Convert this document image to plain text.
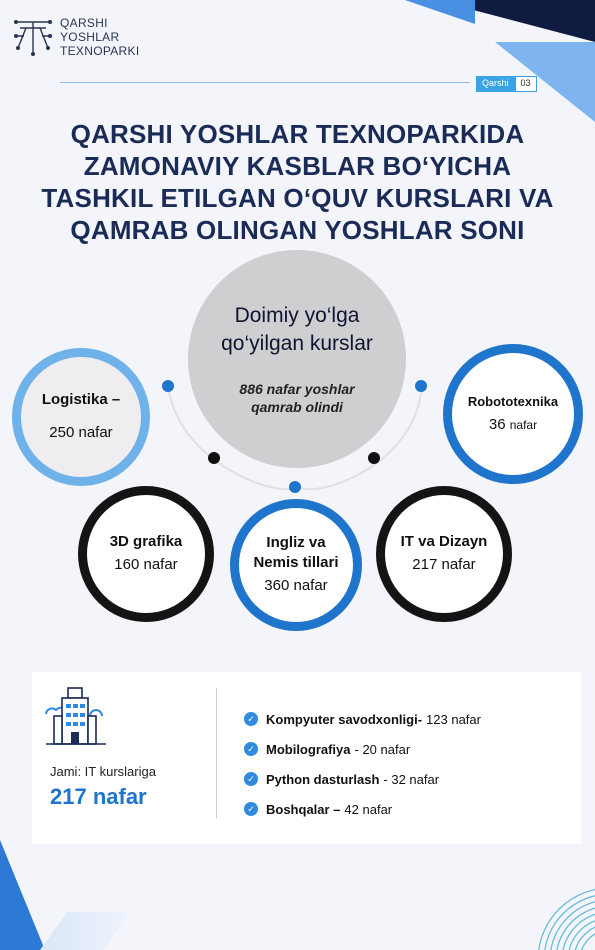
QARSHI
YOSHLAR
TEXNOPARKI
Qarshi	03
QARSHI YOSHLAR TEXNOPARKIDA
ZAMONAVIY KASBLAR BO‘YICHA
TASHKIL ETILGAN O‘QUV KURSLARI VA
QAMRAB OLINGAN YOSHLAR SONI
Doimiy yo‘lga
qo‘yilgan kurslar
886 nafar yoshlar
qamrab olindi
Logistika –
250 nafar
Robototexnika
36 nafar
3D grafika
160 nafar
Ingliz va
Nemis tillari
360 nafar
IT va Dizayn
217 nafar
Jami: IT kurslariga
217 nafar
✓ Kompyuter savodxonligi- 123 nafar
✓ Mobilografiya - 20 nafar
✓ Python dasturlash - 32 nafar
✓ Boshqalar – 42 nafar
